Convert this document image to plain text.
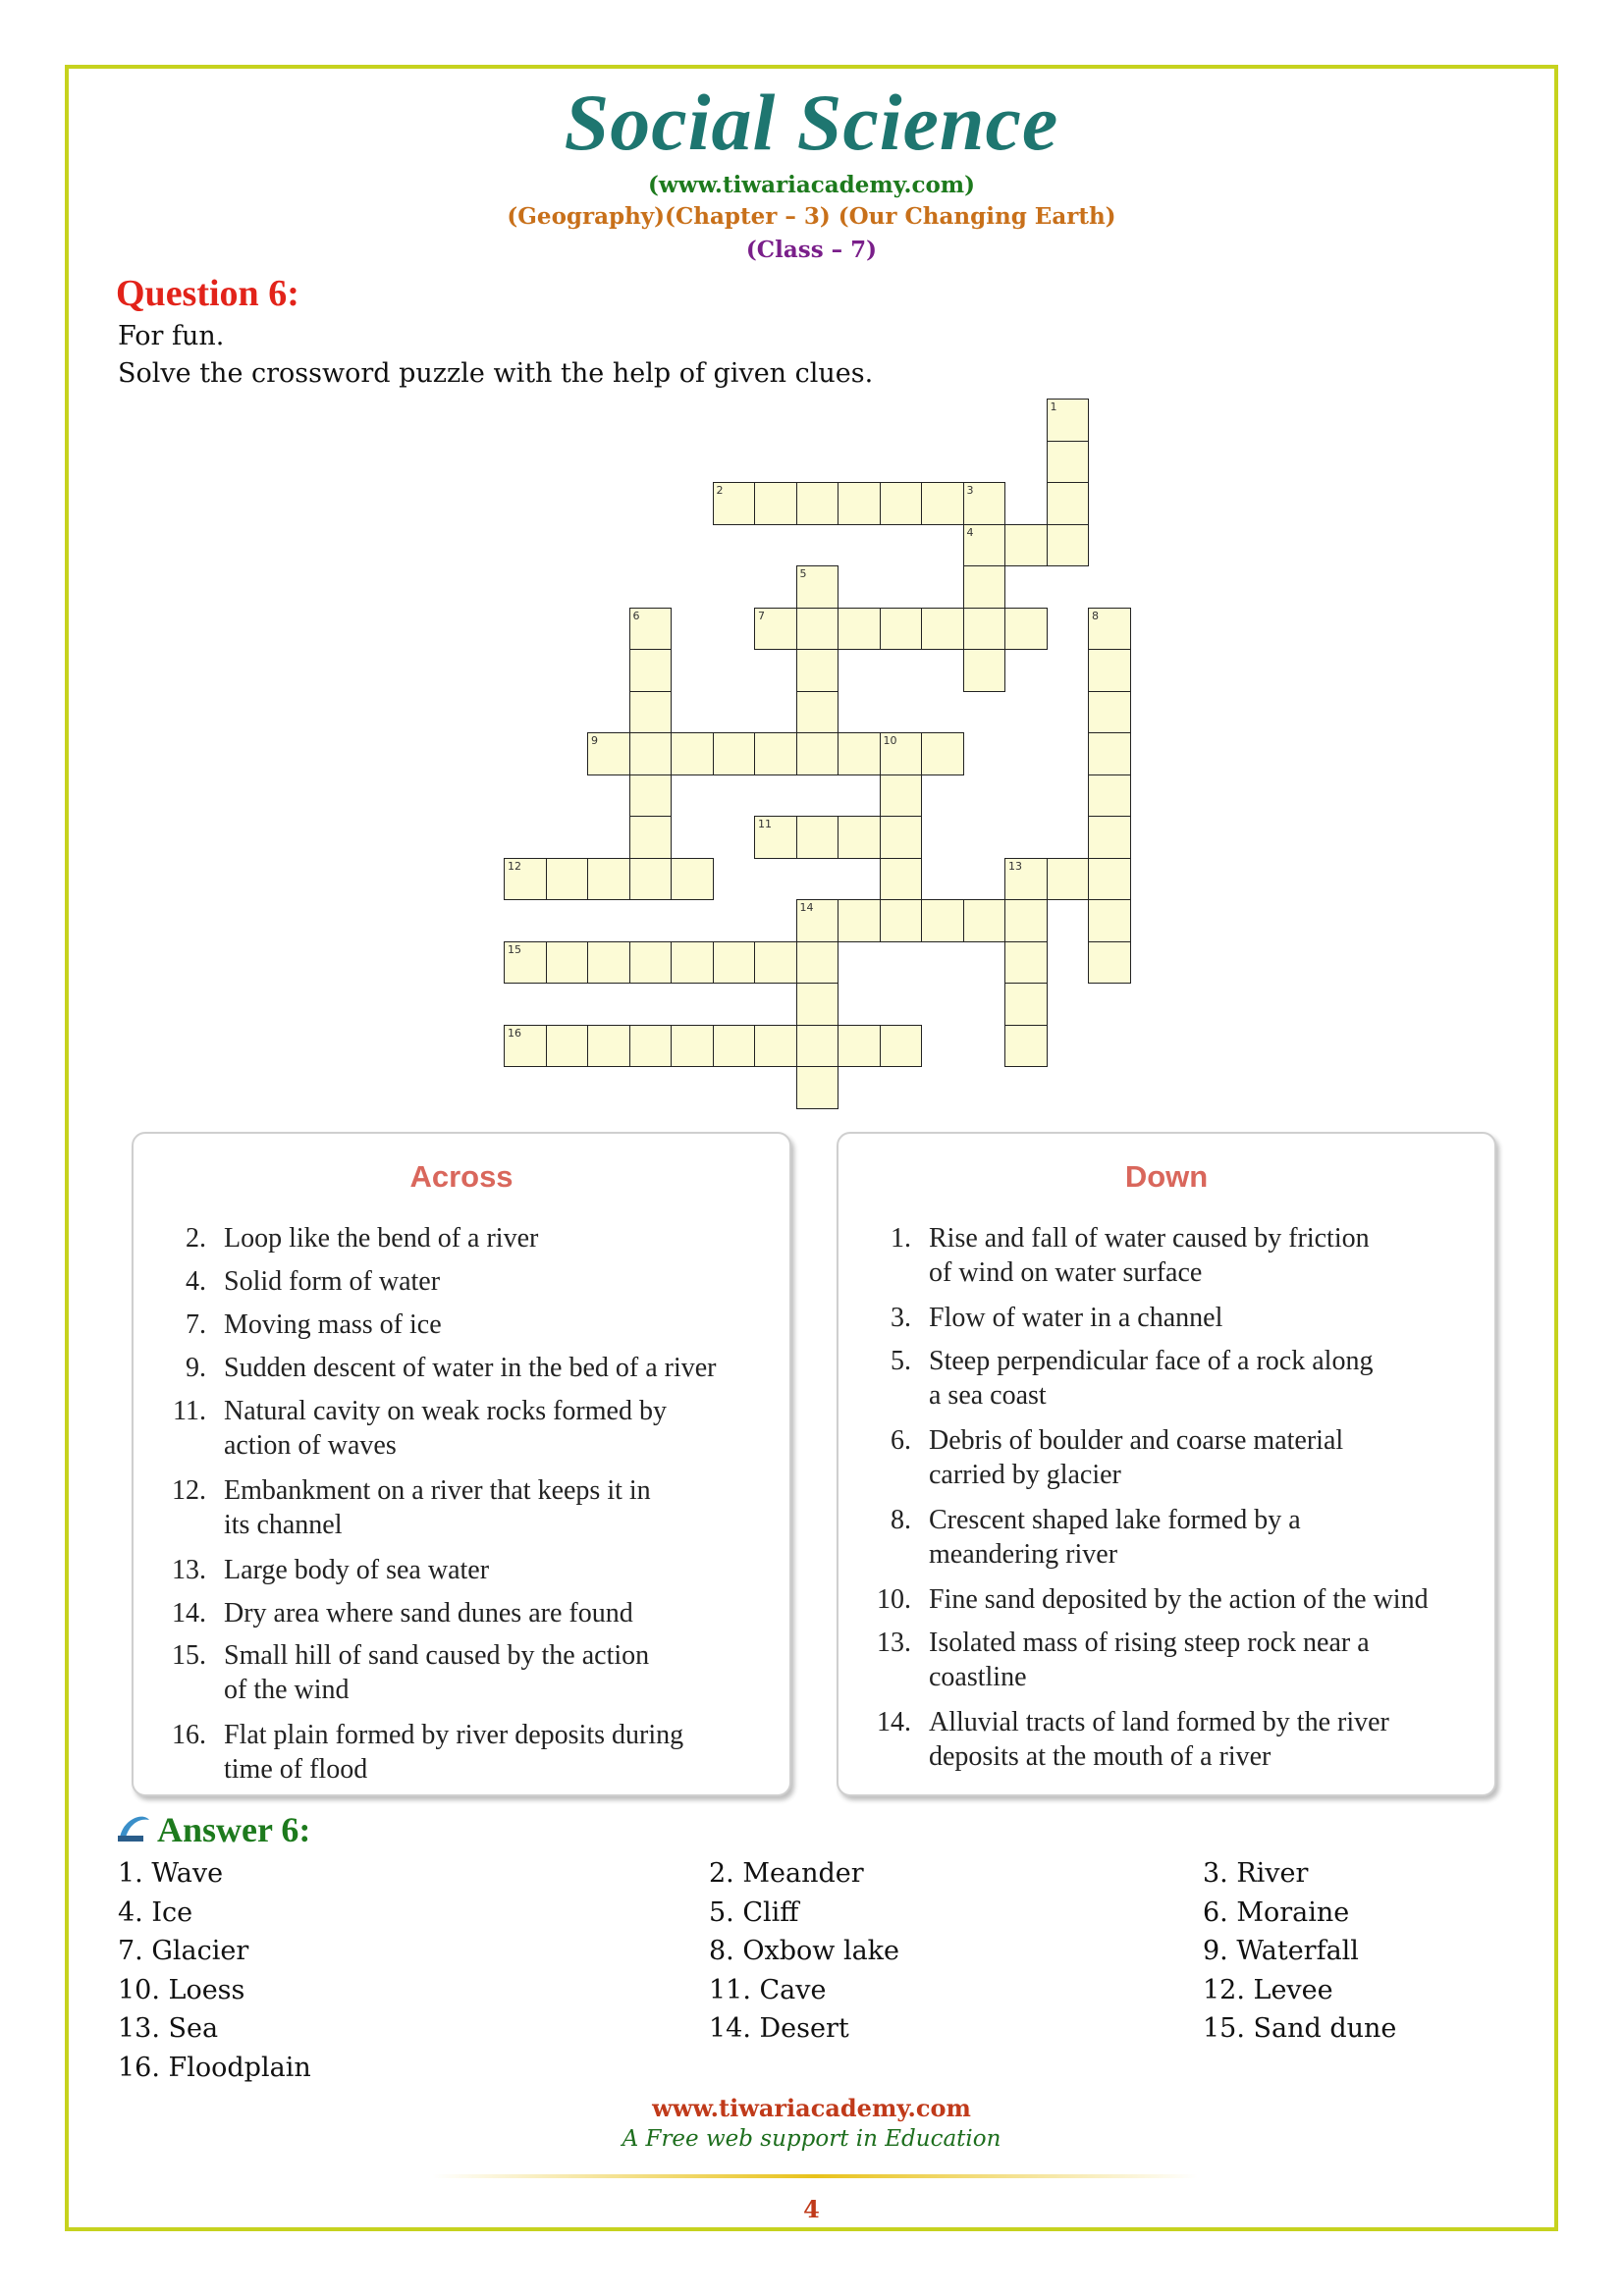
Social Science
(www.tiwariacademy.com)
(Geography)(Chapter – 3) (Our Changing Earth)
(Class – 7)
Question 6:
For fun.
Solve the crossword puzzle with the help of given clues.
1
2	3
4
5
6	7	8
9	10
11
12	13
14
15
16
Across
2. Loop like the bend of a river
4. Solid form of water
7. Moving mass of ice
9. Sudden descent of water in the bed of a river
11. Natural cavity on weak rocks formed by
action of waves
12. Embankment on a river that keeps it in
its channel
13. Large body of sea water
14. Dry area where sand dunes are found
15. Small hill of sand caused by the action
of the wind
16. Flat plain formed by river deposits during
time of flood
Down
1. Rise and fall of water caused by friction
of wind on water surface
3. Flow of water in a channel
5. Steep perpendicular face of a rock along
a sea coast
6. Debris of boulder and coarse material
carried by glacier
8. Crescent shaped lake formed by a
meandering river
10. Fine sand deposited by the action of the wind
13. Isolated mass of rising steep rock near a
coastline
14. Alluvial tracts of land formed by the river
deposits at the mouth of a river
Answer 6:
1. Wave	2. Meander	3. River
4. Ice	5. Cliff	6. Moraine
7. Glacier	8. Oxbow lake	9. Waterfall
10. Loess	11. Cave	12. Levee
13. Sea	14. Desert	15. Sand dune
16. Floodplain
www.tiwariacademy.com
A Free web support in Education
4
